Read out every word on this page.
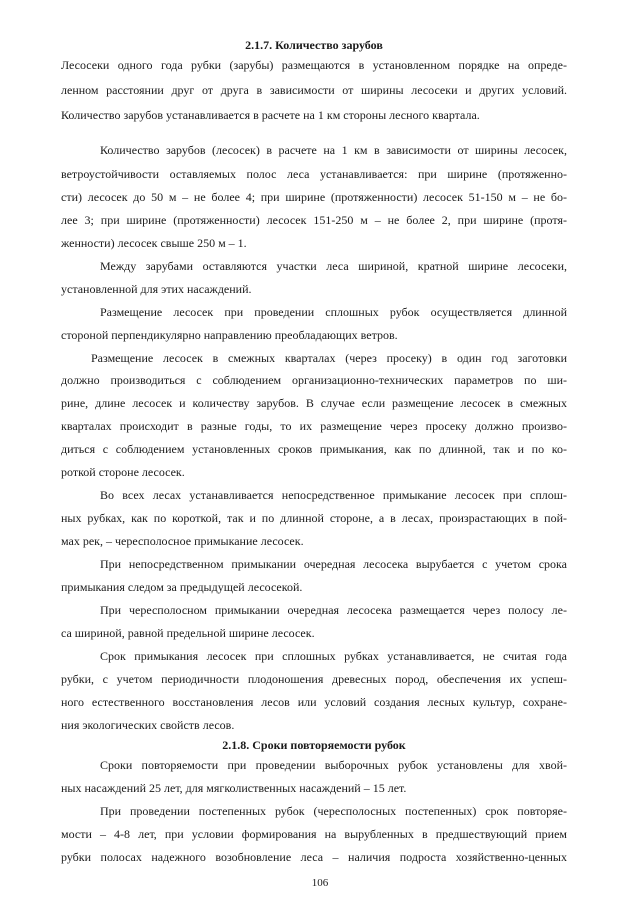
2.1.7. Количество зарубов
Лесосеки одного года рубки (зарубы) размещаются в установленном порядке на опреде-
ленном расстоянии друг от друга в зависимости от ширины лесосеки и других условий.
Количество зарубов устанавливается в расчете на 1 км стороны лесного квартала.
Количество зарубов (лесосек) в расчете на 1 км в зависимости от ширины лесосек,
ветроустойчивости оставляемых полос леса устанавливается: при ширине (протяженно-
сти) лесосек до 50 м – не более 4; при ширине (протяженности) лесосек 51-150 м – не бо-
лее 3; при ширине (протяженности) лесосек 151-250 м – не более 2, при ширине (протя-
женности) лесосек свыше 250 м – 1.
Между зарубами оставляются участки леса шириной, кратной ширине лесосеки,
установленной для этих насаждений.
Размещение лесосек при проведении сплошных рубок осуществляется длинной
стороной перпендикулярно направлению преобладающих ветров.
Размещение лесосек в смежных кварталах (через просеку) в один год заготовки
должно производиться с соблюдением организационно-технических параметров по ши-
рине, длине лесосек и количеству зарубов. В случае если размещение лесосек в смежных
кварталах происходит в разные годы, то их размещение через просеку должно произво-
диться с соблюдением установленных сроков примыкания, как по длинной, так и по ко-
роткой стороне лесосек.
Во всех лесах устанавливается непосредственное примыкание лесосек при сплош-
ных рубках, как по короткой, так и по длинной стороне, а в лесах, произрастающих в пой-
мах рек, – чересполосное примыкание лесосек.
При непосредственном примыкании очередная лесосека вырубается с учетом срока
примыкания следом за предыдущей лесосекой.
При чересполосном примыкании очередная лесосека размещается через полосу ле-
са шириной, равной предельной ширине лесосек.
Срок примыкания лесосек при сплошных рубках устанавливается, не считая года
рубки, с учетом периодичности плодоношения древесных пород, обеспечения их успеш-
ного естественного восстановления лесов или условий создания лесных культур, сохране-
ния экологических свойств лесов.
2.1.8. Сроки повторяемости рубок
Сроки повторяемости при проведении выборочных рубок установлены для хвой-
ных насаждений 25 лет, для мягколиственных насаждений – 15 лет.
При проведении постепенных рубок (чересполосных постепенных) срок повторяе-
мости – 4-8 лет, при условии формирования на вырубленных в предшествующий прием
рубки полосах надежного возобновление леса – наличия подроста хозяйственно-ценных
106
